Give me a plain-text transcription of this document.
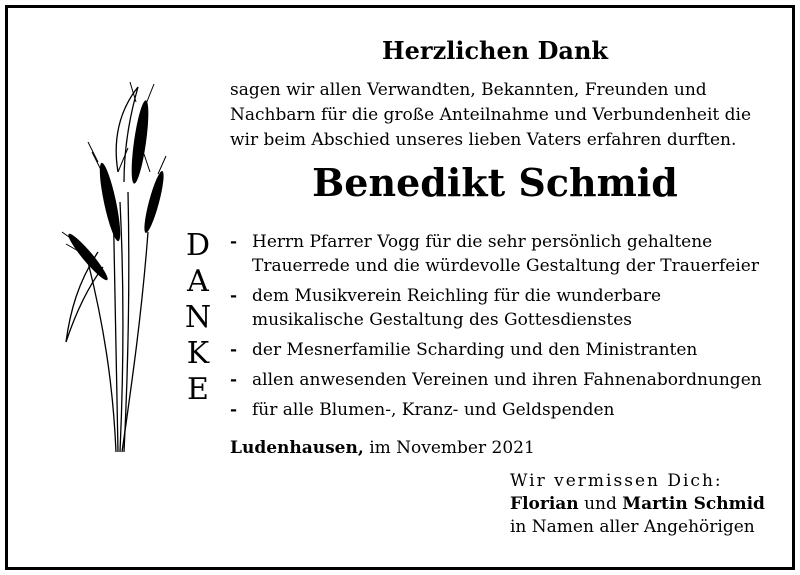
Herzlichen Dank
sagen wir allen Verwandten, Bekannten, Freunden und Nachbarn für die große Anteilnahme und Verbundenheit die wir beim Abschied unseres lieben Vaters erfahren durften.
Benedikt Schmid
D
A
N
K
E
- Herrn Pfarrer Vogg für die sehr persönlich gehaltene
Trauerrede und die würdevolle Gestaltung der Trauerfeier
- dem Musikverein Reichling für die wunderbare
musikalische Gestaltung des Gottesdienstes
- der Mesnerfamilie Scharding und den Ministranten
- allen anwesenden Vereinen und ihren Fahnenabordnungen
- für alle Blumen-, Kranz- und Geldspenden
Ludenhausen, im November 2021
Wir vermissen Dich:
Florian und Martin Schmid
in Namen aller Angehörigen
